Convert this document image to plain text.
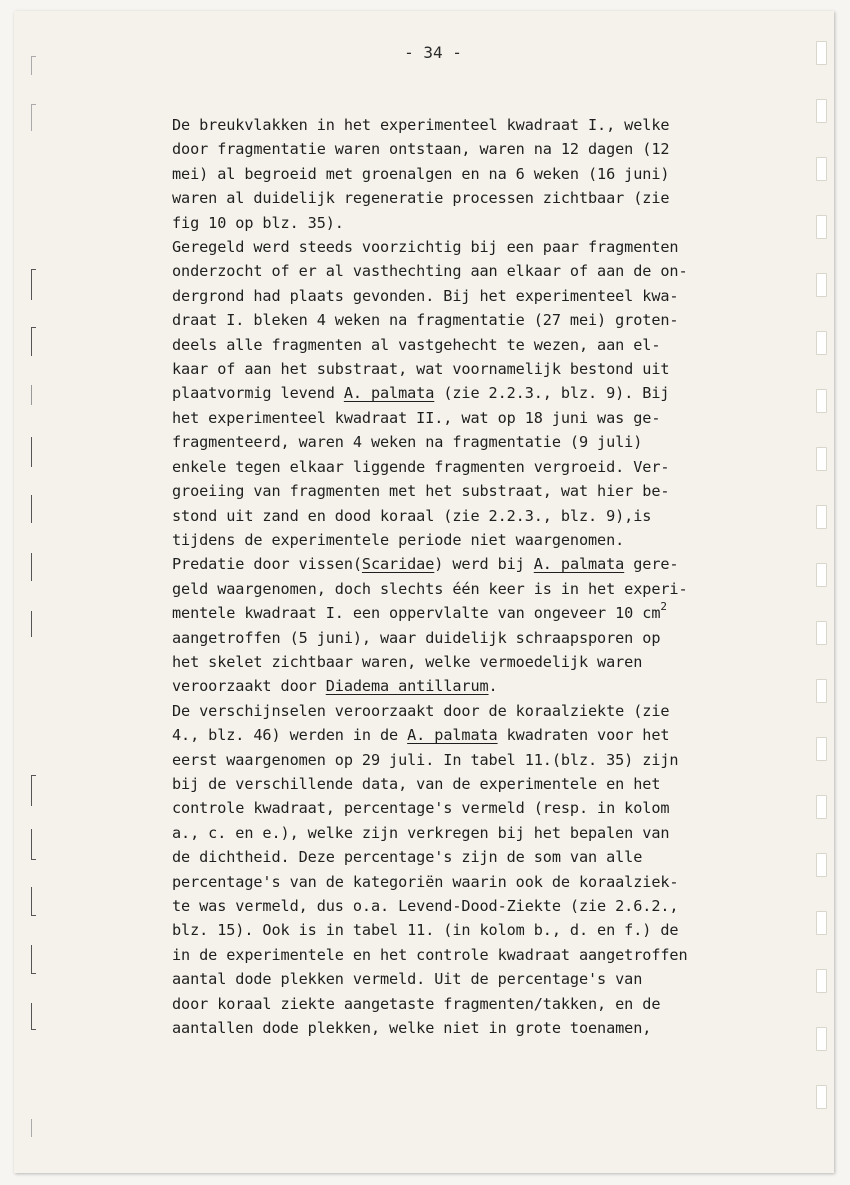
- 34 -
De breukvlakken in het experimenteel kwadraat I., welke
door fragmentatie waren ontstaan, waren na 12 dagen (12
mei) al begroeid met groenalgen en na 6 weken (16 juni)
waren al duidelijk regeneratie processen zichtbaar (zie
fig 10 op blz. 35).
Geregeld werd steeds voorzichtig bij een paar fragmenten
onderzocht of er al vasthechting aan elkaar of aan de on-
dergrond had plaats gevonden. Bij het experimenteel kwa-
draat I. bleken 4 weken na fragmentatie (27 mei) groten-
deels alle fragmenten al vastgehecht te wezen, aan el-
kaar of aan het substraat, wat voornamelijk bestond uit
plaatvormig levend A. palmata (zie 2.2.3., blz. 9). Bij
het experimenteel kwadraat II., wat op 18 juni was ge-
fragmenteerd, waren 4 weken na fragmentatie (9 juli)
enkele tegen elkaar liggende fragmenten vergroeid. Ver-
groeiing van fragmenten met het substraat, wat hier be-
stond uit zand en dood koraal (zie 2.2.3., blz. 9),is
tijdens de experimentele periode niet waargenomen.
Predatie door vissen(Scaridae) werd bij A. palmata gere-
geld waargenomen, doch slechts één keer is in het experi-
mentele kwadraat I. een oppervlalte van ongeveer 10 $cm^2$
aangetroffen (5 juni), waar duidelijk schraapsporen op
het skelet zichtbaar waren, welke vermoedelijk waren
veroorzaakt door Diadema antillarum.
De verschijnselen veroorzaakt door de koraalziekte (zie
4., blz. 46) werden in de A. palmata kwadraten voor het
eerst waargenomen op 29 juli. In tabel 11.(blz. 35) zijn
bij de verschillende data, van de experimentele en het
controle kwadraat, percentage's vermeld (resp. in kolom
a., c. en e.), welke zijn verkregen bij het bepalen van
de dichtheid. Deze percentage's zijn de som van alle
percentage's van de kategoriën waarin ook de koraalziek-
te was vermeld, dus o.a. Levend-Dood-Ziekte (zie 2.6.2.,
blz. 15). Ook is in tabel 11. (in kolom b., d. en f.) de
in de experimentele en het controle kwadraat aangetroffen
aantal dode plekken vermeld. Uit de percentage's van
door koraal ziekte aangetaste fragmenten/takken, en de
aantallen dode plekken, welke niet in grote toenamen,
